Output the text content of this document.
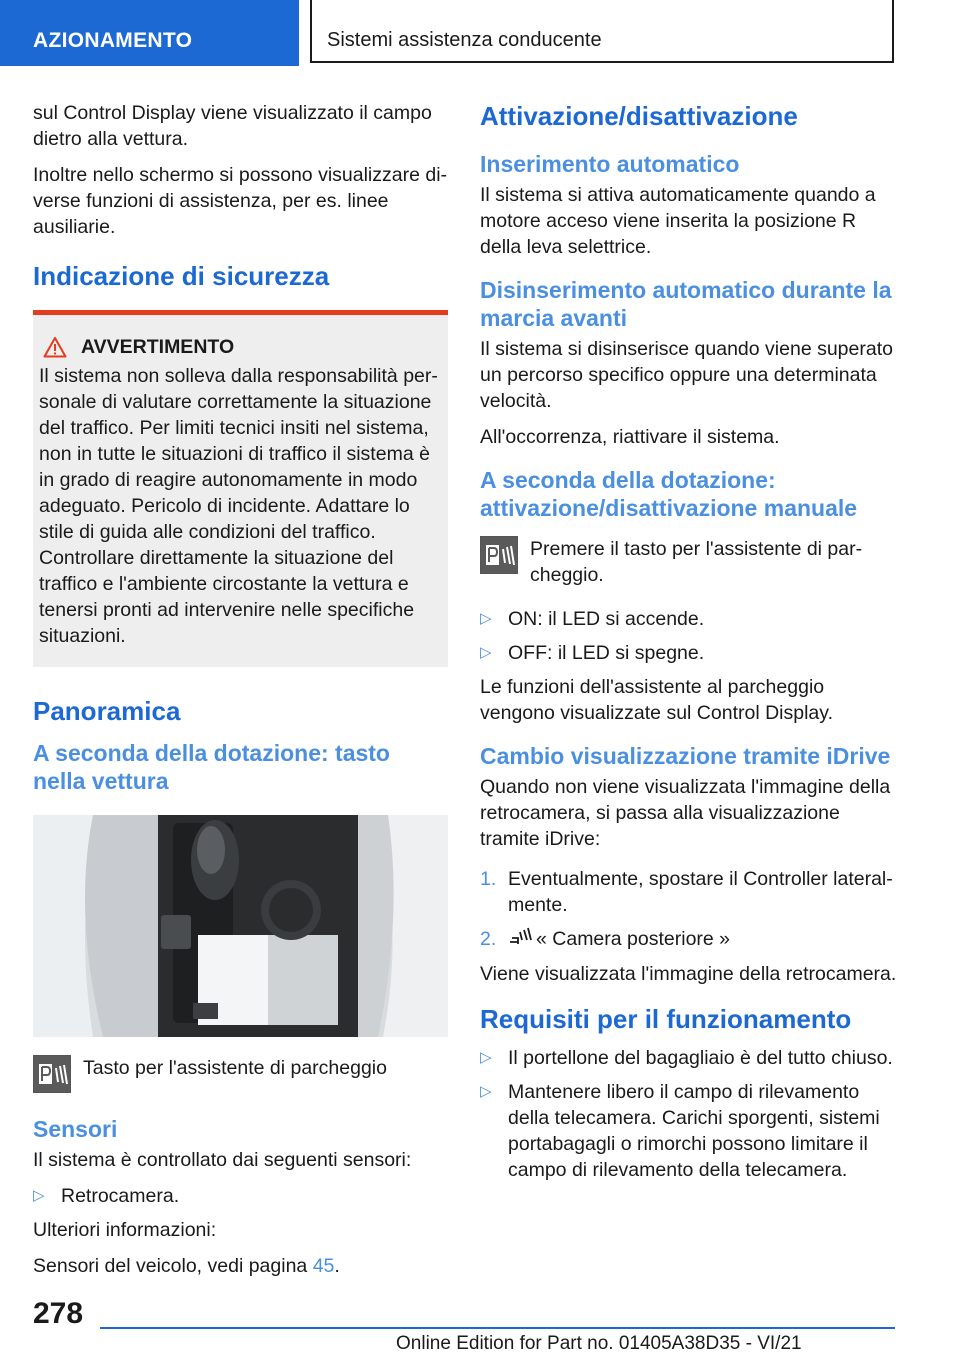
AZIONAMENTO	Sistemi assistenza conducente

sul Control Display viene visualizzato il campo dietro alla vettura.

Inoltre nello schermo si possono visualizzare diverse funzioni di assistenza, per es. linee ausiliarie.

Indicazione di sicurezza
AVVERTIMENTO

Il sistema non solleva dalla responsabilità personale di valutare correttamente la situazione del traffico. Per limiti tecnici insiti nel sistema, non in tutte le situazioni di traffico il sistema è in grado di reagire autonomamente in modo adeguato. Pericolo di incidente. Adattare lo stile di guida alle condizioni del traffico. Controllare direttamente la situazione del traffico e l'ambiente circostante la vettura e tenersi pronti ad intervenire nelle specifiche situazioni.

Panoramica
A seconda della dotazione: tasto nella vettura
Tasto per l'assistente di parcheggio
Sensori

Il sistema è controllato dai seguenti sensori:

▷ Retrocamera.

Ulteriori informazioni:

Sensori del veicolo, vedi pagina 45.

Attivazione/disattivazione
Inserimento automatico

Il sistema si attiva automaticamente quando a motore acceso viene inserita la posizione R della leva selettrice.

Disinserimento automatico durante la marcia avanti

Il sistema si disinserisce quando viene superato un percorso specifico oppure una determinata velocità.

All'occorrenza, riattivare il sistema.

A seconda della dotazione: attivazione/disattivazione manuale
Premere il tasto per l'assistente di parcheggio.
▷ ON: il LED si accende.
▷ OFF: il LED si spegne.

Le funzioni dell'assistente al parcheggio vengono visualizzate sul Control Display.

Cambio visualizzazione tramite iDrive

Quando non viene visualizzata l'immagine della retrocamera, si passa alla visualizzazione tramite iDrive:

1. Eventualmente, spostare il Controller lateralmente.
2. « Camera posteriore »

Viene visualizzata l'immagine della retrocamera.

Requisiti per il funzionamento
▷ Il portellone del bagagliaio è del tutto chiuso.
▷ Mantenere libero il campo di rilevamento della telecamera. Carichi sporgenti, sistemi portabagagli o rimorchi possono limitare il campo di rilevamento della telecamera.
278
Online Edition for Part no. 01405A38D35 - VI/21
